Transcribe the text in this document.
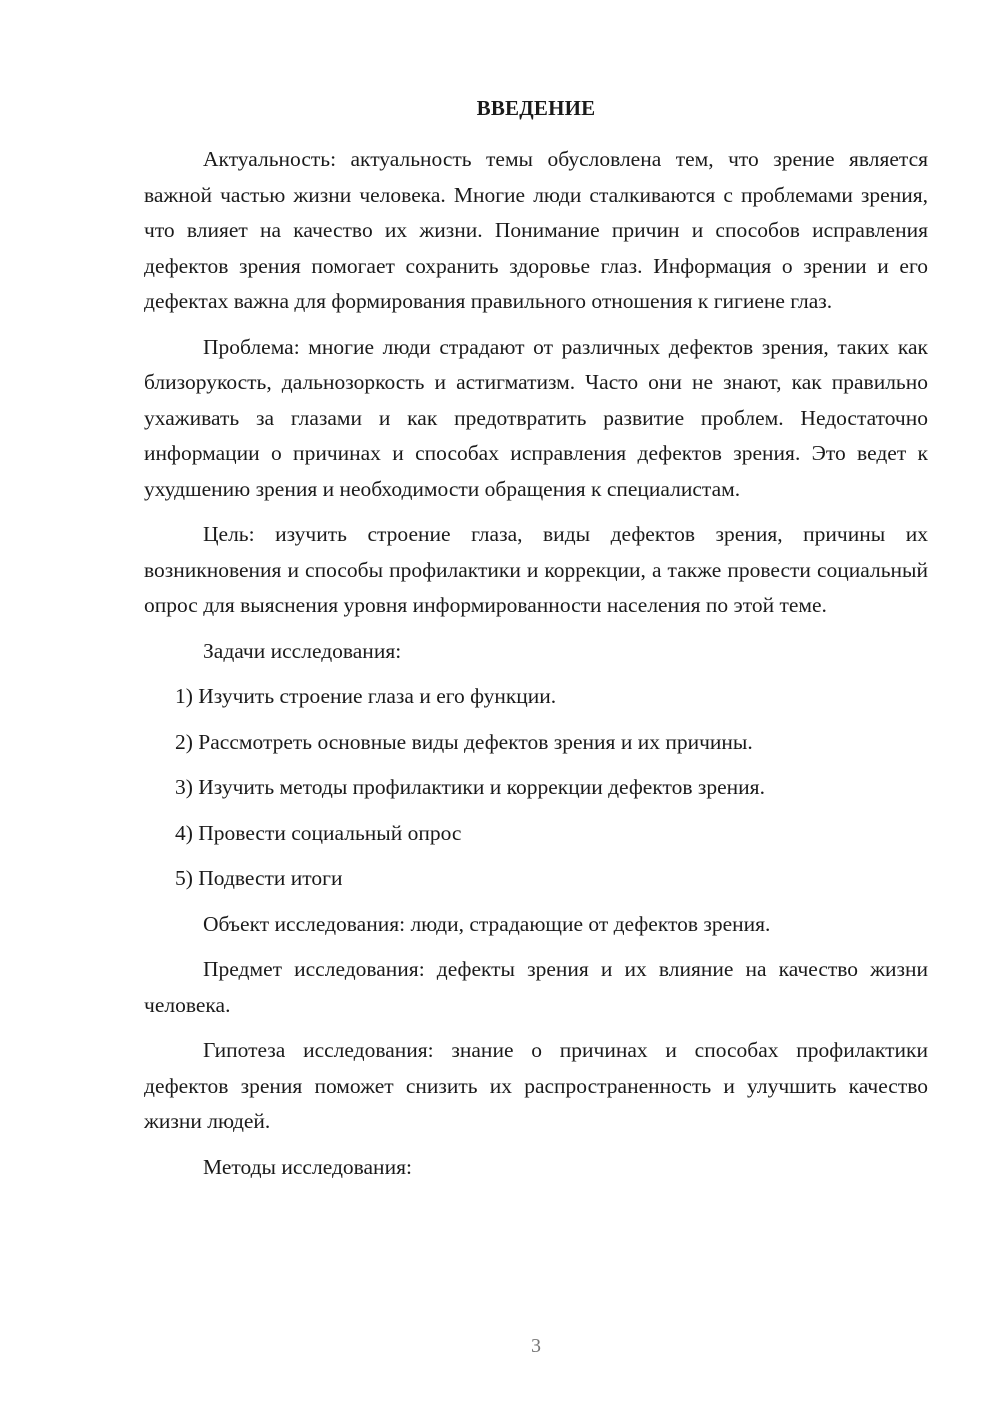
ВВЕДЕНИЕ

Актуальность: актуальность темы обусловлена тем, что зрение является важной частью жизни человека. Многие люди сталкиваются с проблемами зрения, что влияет на качество их жизни. Понимание причин и способов исправления дефектов зрения помогает сохранить здоровье глаз. Информация о зрении и его дефектах важна для формирования правильного отношения к гигиене глаз.

Проблема: многие люди страдают от различных дефектов зрения, таких как близорукость, дальнозоркость и астигматизм. Часто они не знают, как правильно ухаживать за глазами и как предотвратить развитие проблем. Недостаточно информации о причинах и способах исправления дефектов зрения. Это ведет к ухудшению зрения и необходимости обращения к специалистам.

Цель: изучить строение глаза, виды дефектов зрения, причины их возникновения и способы профилактики и коррекции, а также провести социальный опрос для выяснения уровня информированности населения по этой теме.

Задачи исследования:

1) Изучить строение глаза и его функции.
2) Рассмотреть основные виды дефектов зрения и их причины.
3) Изучить методы профилактики и коррекции дефектов зрения.
4) Провести социальный опрос
5) Подвести итоги

Объект исследования: люди, страдающие от дефектов зрения.

Предмет исследования: дефекты зрения и их влияние на качество жизни человека.

Гипотеза исследования: знание о причинах и способах профилактики дефектов зрения поможет снизить их распространенность и улучшить качество жизни людей.

Методы исследования:

3
